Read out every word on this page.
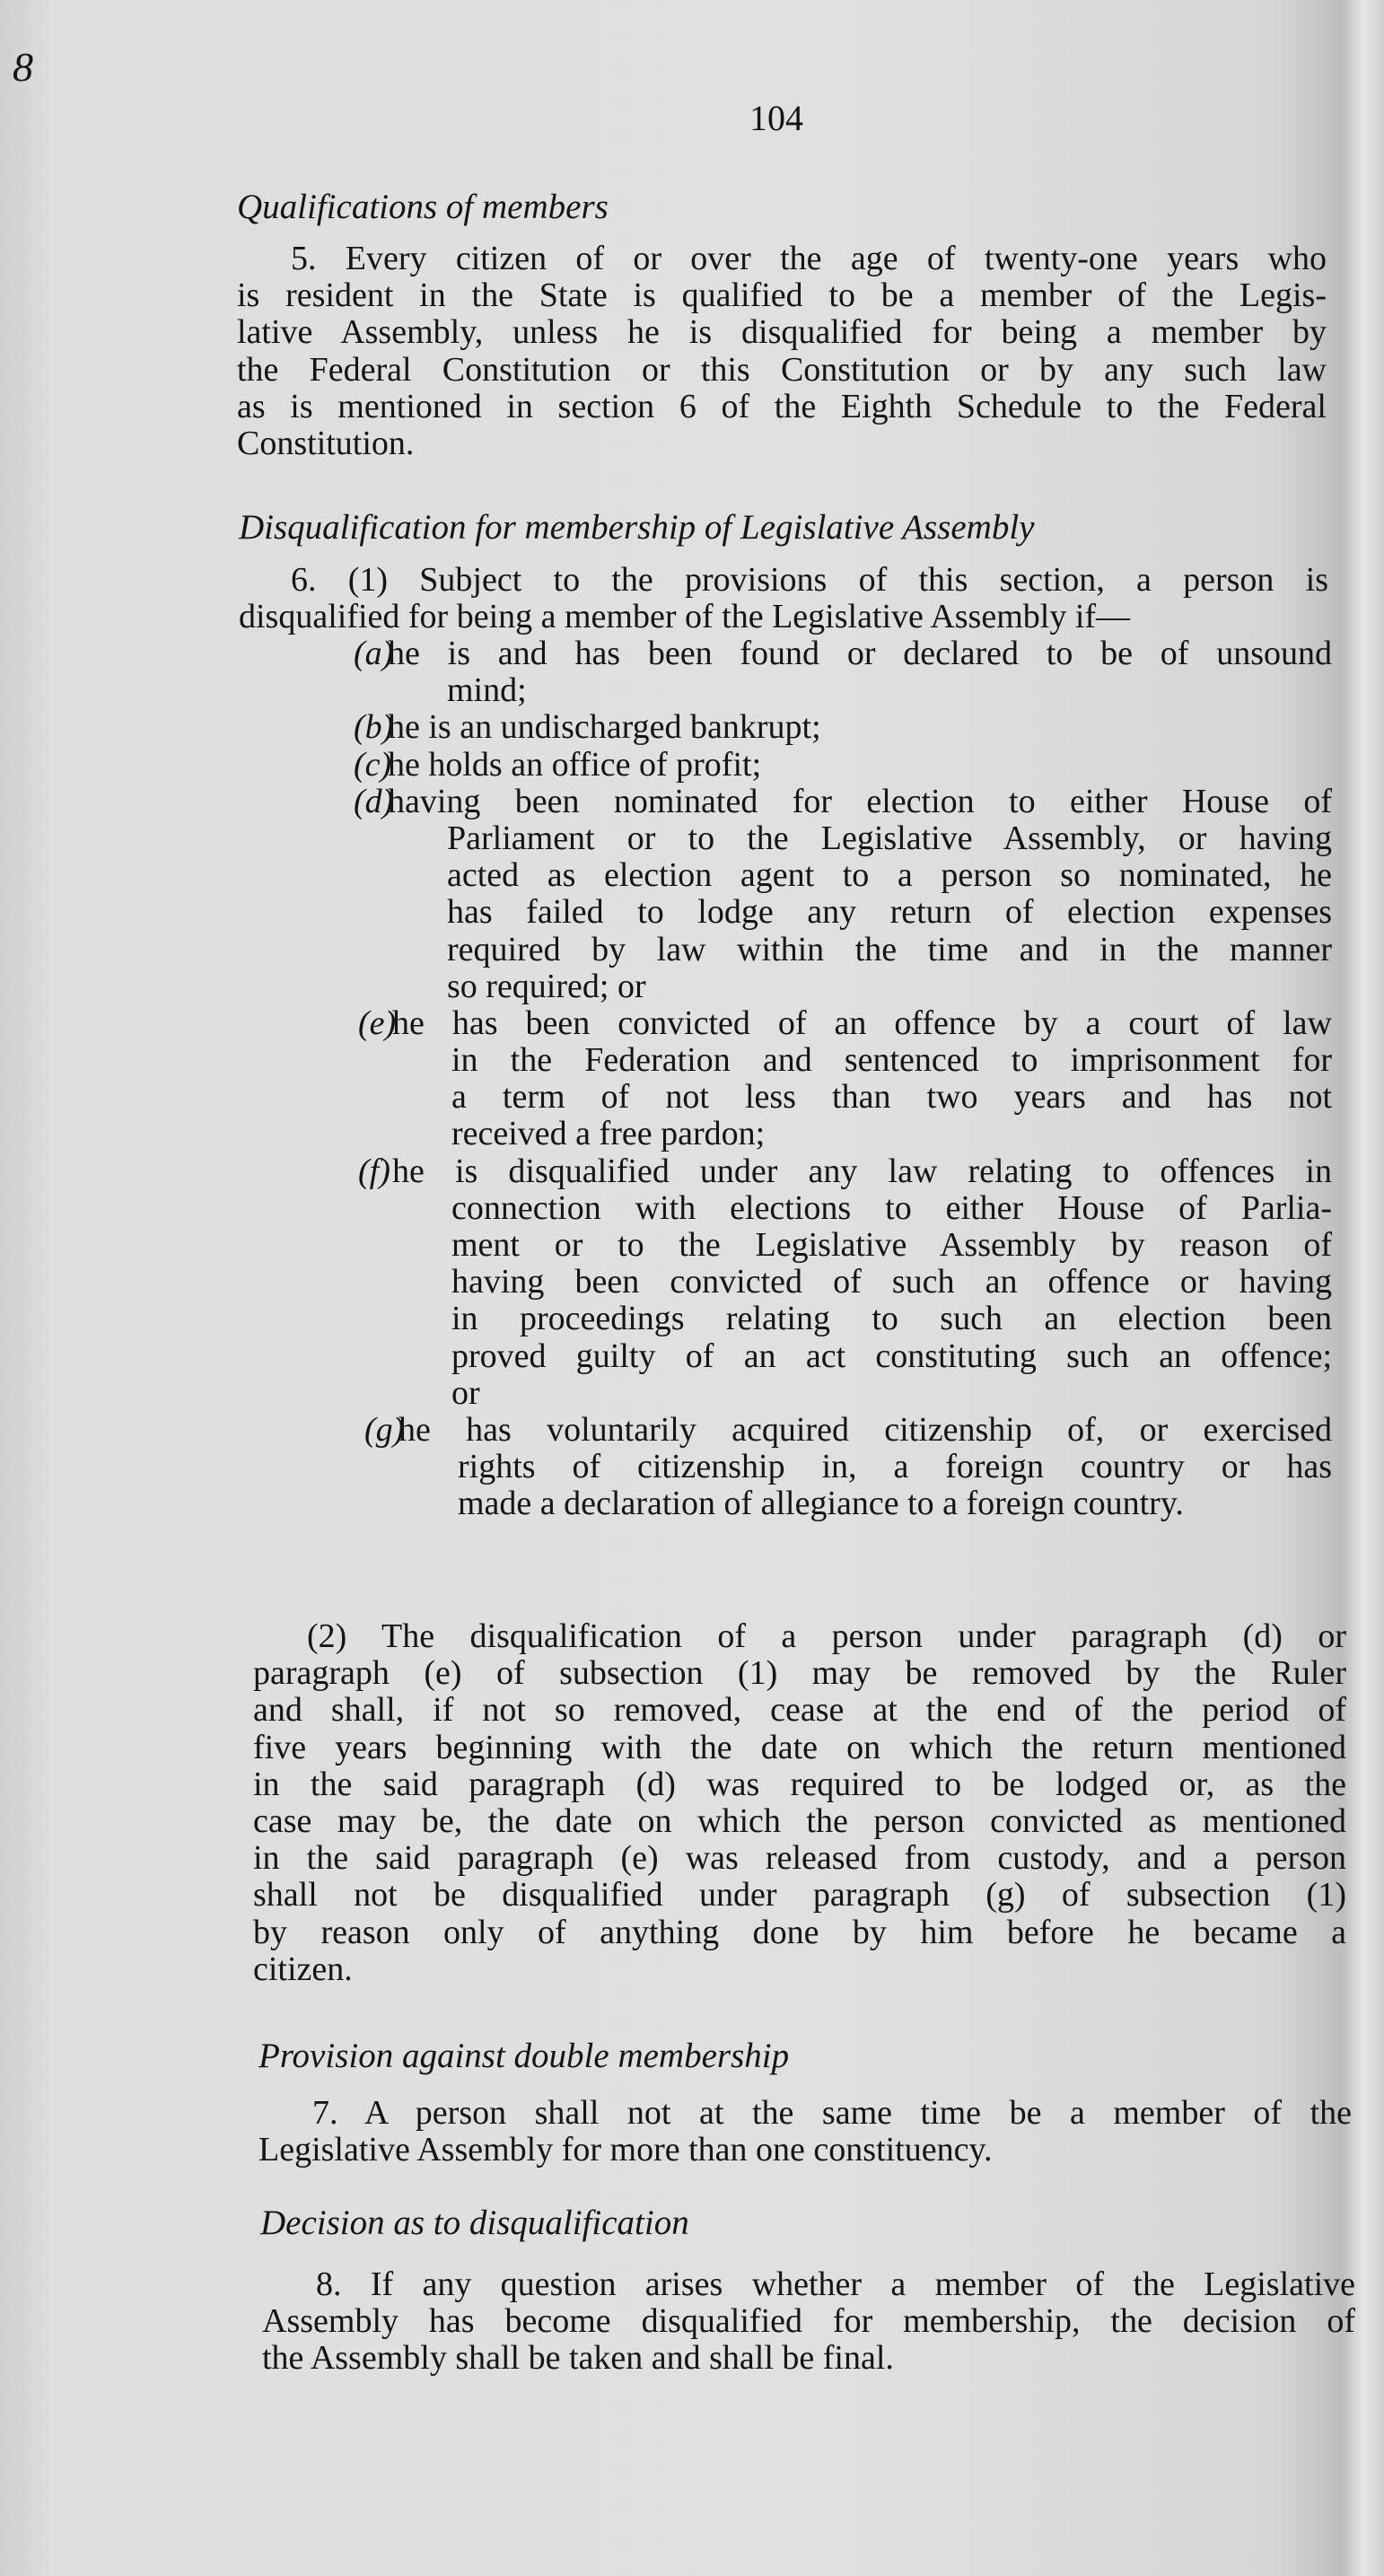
8
104
Qualifications of members
5. Every citizen of or over the age of twenty-one years who
is resident in the State is qualified to be a member of the Legis-
lative Assembly, unless he is disqualified for being a member by
the Federal Constitution or this Constitution or by any such law
as is mentioned in section 6 of the Eighth Schedule to the Federal
Constitution.
Disqualification for membership of Legislative Assembly
6. (1) Subject to the provisions of this section, a person is
disqualified for being a member of the Legislative Assembly if—
(a)
he is and has been found or declared to be of unsound
mind;
(b)
he is an undischarged bankrupt;
(c)
he holds an office of profit;
(d)
having been nominated for election to either House of
Parliament or to the Legislative Assembly, or having
acted as election agent to a person so nominated, he
has failed to lodge any return of election expenses
required by law within the time and in the manner
so required; or
(e)
he has been convicted of an offence by a court of law
in the Federation and sentenced to imprisonment for
a term of not less than two years and has not
received a free pardon;
(f) he is disqualified under any law relating to offences in
connection with elections to either House of Parlia-
ment or to the Legislative Assembly by reason of
having been convicted of such an offence or having
in proceedings relating to such an election been
proved guilty of an act constituting such an offence;
or
(g)
he has voluntarily acquired citizenship of, or exercised
rights of citizenship in, a foreign country or has
made a declaration of allegiance to a foreign country.
(2) The disqualification of a person under paragraph (d) or
paragraph (e) of subsection (1) may be removed by the Ruler
and shall, if not so removed, cease at the end of the period of
five years beginning with the date on which the return mentioned
in the said paragraph (d) was required to be lodged or, as the
case may be, the date on which the person convicted as mentioned
in the said paragraph (e) was released from custody, and a person
shall not be disqualified under paragraph (g) of subsection (1)
by reason only of anything done by him before he became a
citizen.
Provision against double membership
7. A person shall not at the same time be a member of the
Legislative Assembly for more than one constituency.
Decision as to disqualification
8. If any question arises whether a member of the Legislative
Assembly has become disqualified for membership, the decision of
the Assembly shall be taken and shall be final.
